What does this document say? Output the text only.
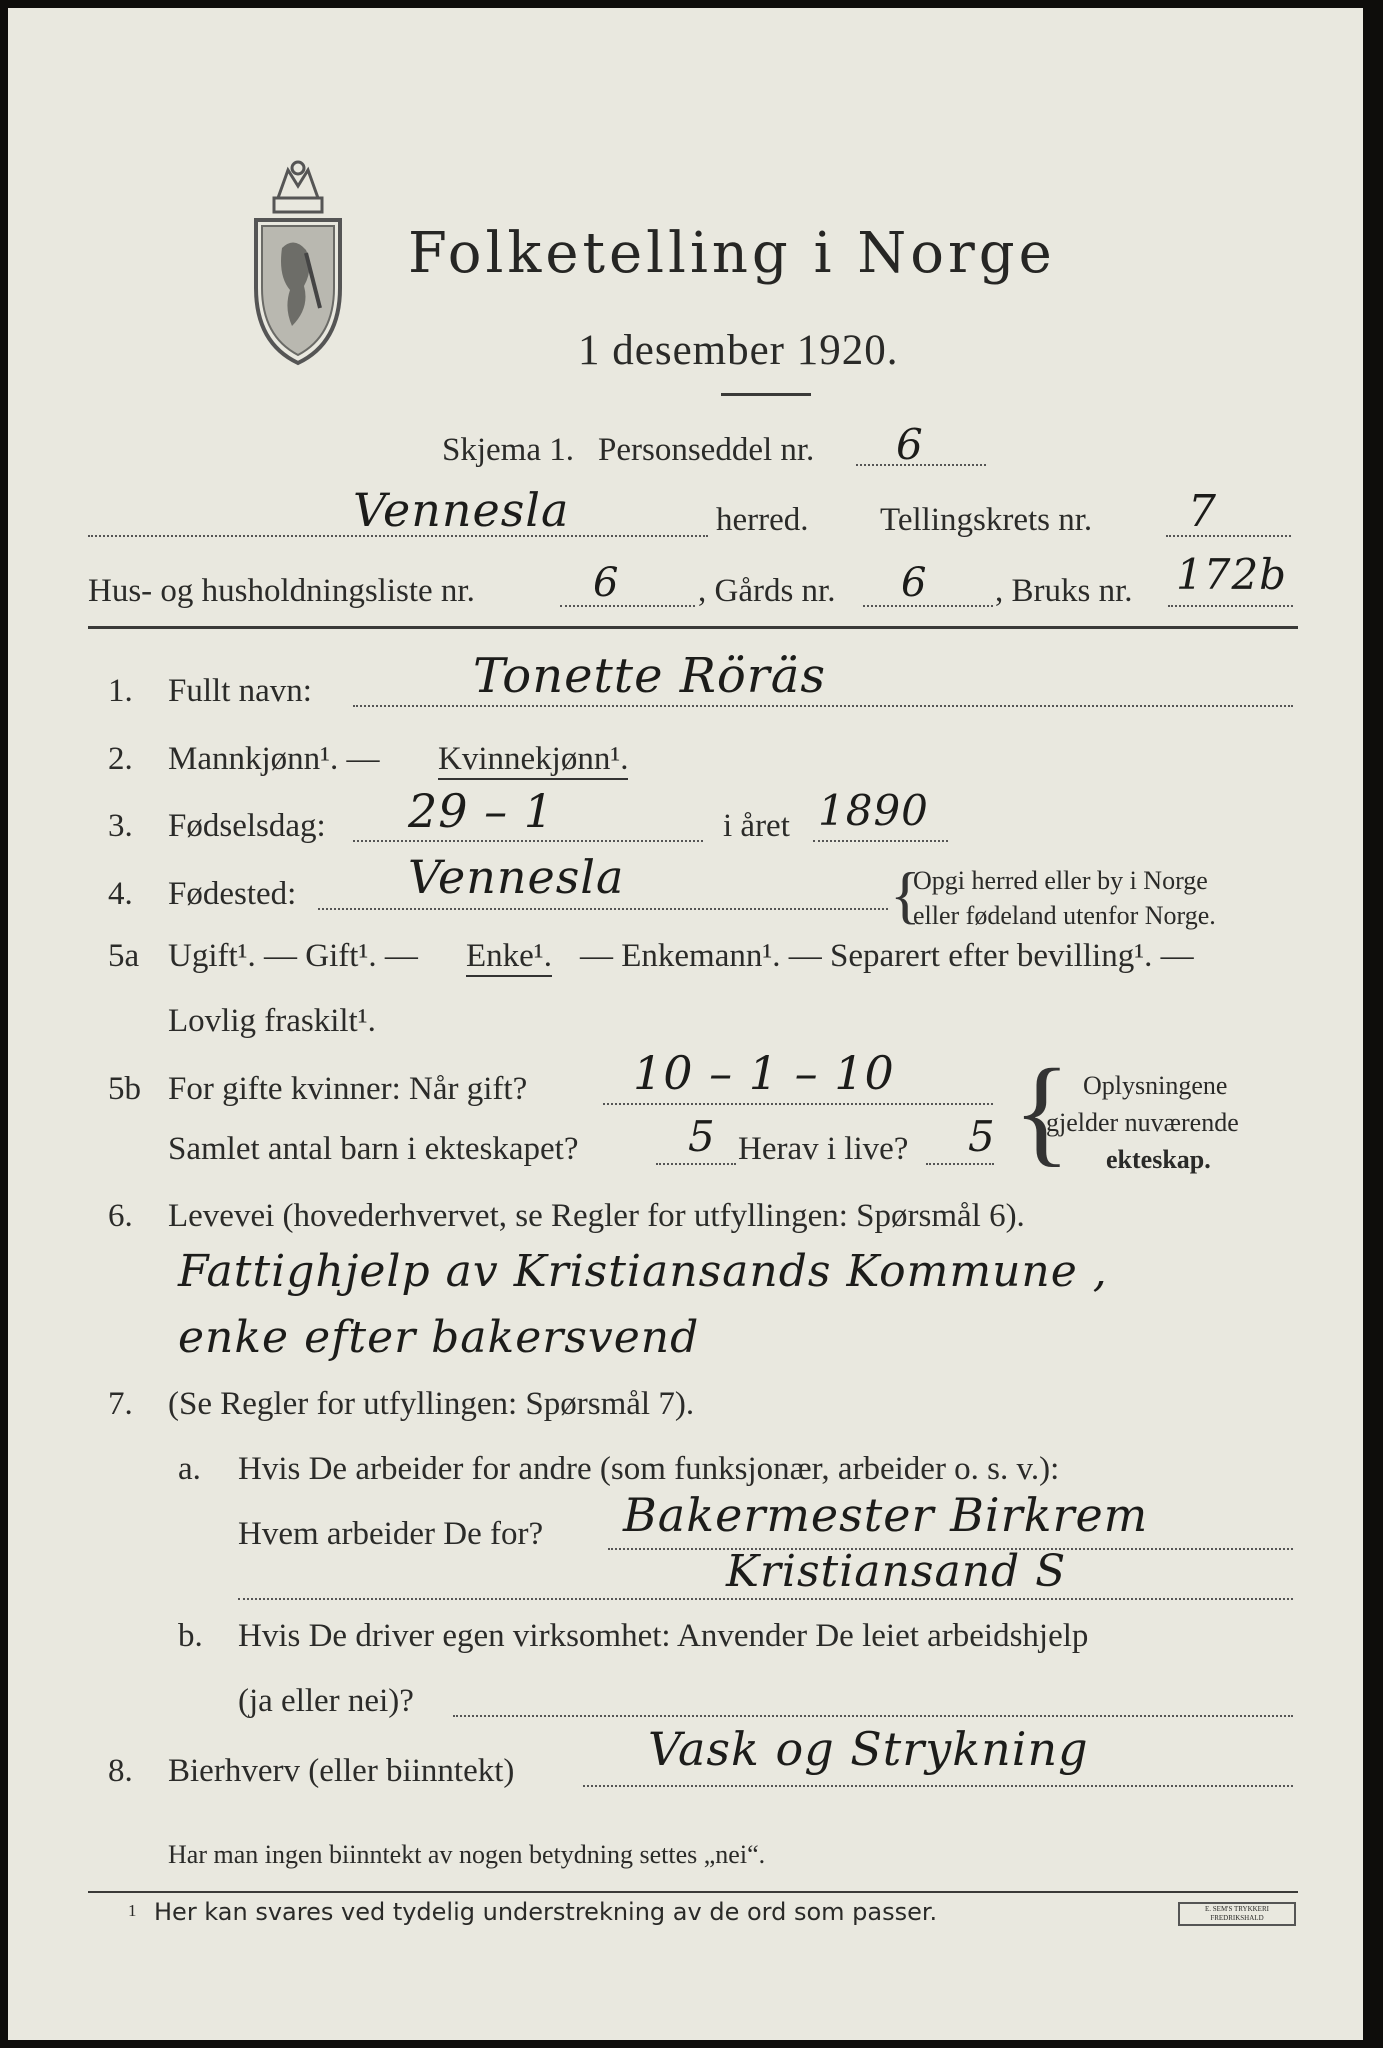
Folketelling i Norge
1 desember 1920.
Skjema 1. Personseddel nr. 6
Vennesla	herred. Tellingskrets nr. 7
Hus- og husholdningsliste nr.	6 , Gårds nr. 6 , Bruks nr. 172b
1. Fullt navn:	Tonette Röräs
2. Mannkjønn¹. — Kvinnekjønn¹.
3. Fødselsdag: 29 – 1	i året 1890
4. Fødested: Vennesla	{
Opgi herred eller by i Norge
eller fødeland utenfor Norge.
5a Ugift¹. — Gift¹. — Enke¹. — Enkemann¹. — Separert efter bevilling¹. —
Lovlig fraskilt¹.
5b For gifte kvinner: Når gift? 10 – 1 – 10
Samlet antal barn i ekteskapet?	5 Herav i live? 5 { Oplysningene
gjelder nuværende
ekteskap.
6. Levevei (hovederhvervet, se Regler for utfyllingen: Spørsmål 6).
Fattighjelp av Kristiansands Kommune ,
enke efter bakersvend
7. (Se Regler for utfyllingen: Spørsmål 7).
a. Hvis De arbeider for andre (som funksjonær, arbeider o. s. v.):
Hvem arbeider De for? Bakermester Birkrem
Kristiansand S
b. Hvis De driver egen virksomhet: Anvender De leiet arbeidshjelp
(ja eller nei)?
8. Bierhverv (eller biinntekt)	Vask og Strykning
Har man ingen biinntekt av nogen betydning settes „nei“.
1 Her kan svares ved tydelig understrekning av de ord som passer.	E. SEM'S TRYKKERI FREDRIKSHALD
